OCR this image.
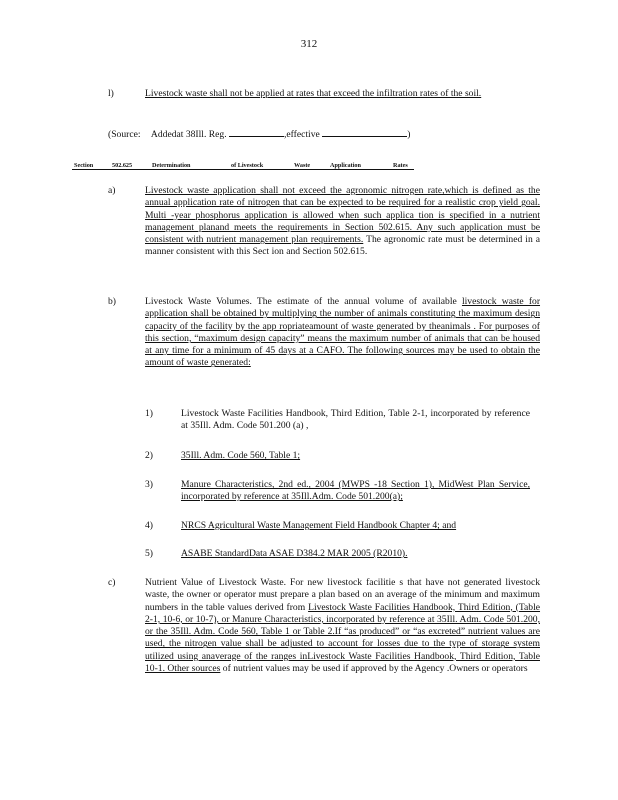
312
l)	Livestock waste shall not be applied at rates that exceed the infiltration rates of the soil.
(Source: Addedat 38Ill. Reg.	,effective	)
Section	502.625	Determination	of Livestock	Waste	Application	Rates
a)	Livestock waste application shall not exceed the agronomic nitrogen rate,which is defined as the annual application rate of nitrogen that can be expected to be required for a realistic crop yield goal. Multi -year phosphorus application is allowed when such applica tion is specified in a nutrient management planand meets the requirements in Section 502.615. Any such application must be consistent with nutrient management plan requirements. The agronomic rate must be determined in a manner consistent with this Sect ion and Section 502.615.
b)	Livestock Waste Volumes. The estimate of the annual volume of available livestock waste for application shall be obtained by multiplying the number of animals constituting the maximum design capacity of the facility by the app ropriateamount of waste generated by theanimals . For purposes of this section, “maximum design capacity” means the maximum number of animals that can be housed at any time for a minimum of 45 days at a CAFO. The following sources may be used to obtain the amount of waste generated:
1)	Livestock Waste Facilities Handbook, Third Edition, Table 2-1, incorporated by reference at 35Ill. Adm. Code 501.200 (a) ,
2)	35Ill. Adm. Code 560, Table 1;
3)	Manure Characteristics, 2nd ed., 2004 (MWPS -18 Section 1), MidWest Plan Service, incorporated by reference at 35Ill.Adm. Code 501.200(a);
4)	NRCS Agricultural Waste Management Field Handbook Chapter 4; and
5)	ASABE StandardData ASAE D384.2 MAR 2005 (R2010).
c)	Nutrient Value of Livestock Waste. For new livestock facilitie s that have not generated livestock waste, the owner or operator must prepare a plan based on an average of the minimum and maximum numbers in the table values derived from Livestock Waste Facilities Handbook, Third Edition, (Table 2-1, 10-6, or 10-7), or Manure Characteristics, incorporated by reference at 35Ill. Adm. Code 501.200, or the 35Ill. Adm. Code 560, Table 1 or Table 2.If “as produced” or “as excreted” nutrient values are used, the nitrogen value shall be adjusted to account for losses due to the type of storage system utilized using anaverage of the ranges inLivestock Waste Facilities Handbook, Third Edition, Table 10-1. Other sources of nutrient values may be used if approved by the Agency .Owners or operators
